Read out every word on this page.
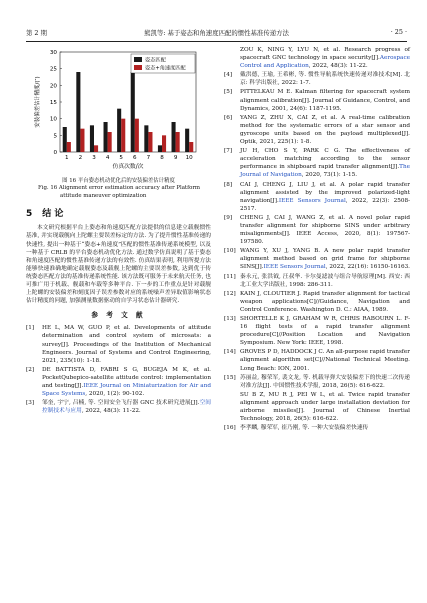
第 2 期	熊凯等: 基于姿态和角速度匹配的惯性基准传递方法	· 25 ·
0
5
10
15
20
25
30
1 2 3 4 5 6 7 8 9 10
仿真次数/次
安装偏差估计精度/(″)
姿态匹配
姿态+角速度匹配
图 16 平台姿态机动优化后的安装偏差估计精度
Fig. 16 Alignment error estimation accuracy after Platform attitude maneuver optimization
5 结 论

本文研究根据平台上姿态和角速度匹配方法提供的信息建立载舰惯性基准, 并实现载舰向上陀螺主要误差标定的方法. 为了提升惯性基准传递的快速性, 提出一种基于“姿态+角速度”匹配的惯性基准传递系统模型, 以及一种基于 CRLB 的平台姿态机动优化方法. 通过数学仿真说明了基于姿态和角速度匹配的惯性基准传递方法的有效性. 仿真结果表明, 利用所提方法能够快速准确地确定载舰姿态及载舰上陀螺的主要误差参数, 达到优于传统姿态匹配方法的基准传递系统性能. 该方法既可服务于未来航天任务, 也可推广用于机载、舰载和车载等多种平台. 下一步的工作重点是针对载舰上陀螺的安装偏差和刻度因子误差参数对应的系统噪声差异取值影响状态估计精度的问题, 加强测量数据驱动的自学习状态估计器研究.

参 考 文 献
[1]	HE L, MA W, GUO P, et al. Developments of attitude determination and control system of microsats: a survey[J]. Proceedings of the Institution of Mechanical Engineers. Journal of Systems and Control Engineering, 2021, 235(10): 1-18.
[2]	DE BATTISTA D, FABRI S G, BUGEJA M K, et al. PocketQubepico-satellite attitude control: implementation and testing[J].IEEE Journal on Miniaturization for Air and Space Systems, 2020, 1(2): 90-102.
[3]	邹奎, 宇宁, 吕楠, 等. 空间安全飞行器 GNC 技术研究进展[J].空间控制技术与应用, 2022, 48(3): 11-22.
ZOU K, NING Y, LYU N, et al. Research progress of spacecraft GNC technology in space security[J].Aerospace Control and Application, 2022, 48(3): 11-22.
[4]	戴洪德, 王瑜, 王希彬, 等. 惯性导航系统快速传递对准技术[M]. 北京: 科学出版社, 2022: 1-7.
[5]	PITTELKAU M E. Kalman filtering for spacecraft system alignment calibration[J]. Journal of Guidance, Control, and Dynamics, 2001, 24(6): 1187-1195.
[6]	YANG Z, ZHU X, CAI Z, et al. A real-time calibration method for the systematic errors of a star sensor and gyroscope units based on the payload multiplexed[J]. Optik, 2021, 225(1): 1-8.
[7]	JU H, CHO S Y, PARK C G. The effectiveness of acceleration matching according to the sensor performance in shipboard rapid transfer alignment[J].The Journal of Navigation, 2020, 73(1): 1-15.
[8]	CAI J, CHENG J, LIU J, et al. A polar rapid transfer alignment assisted by the improved polarized-light navigation[J].IEEE Sensors Journal, 2022, 22(3): 2508-2517.
[9]	CHENG J, CAI J, WANG Z, et al. A novel polar rapid transfer alignment for shipborne SINS under arbitrary misalignments[J]. IEEE Access, 2020, 8(1): 197567-197580.
[10] WANG Y, XU J, YANG B. A new polar rapid transfer alignment method based on grid frame for shipborne SINS[J].IEEE Sensors Journal, 2022, 22(16): 16150-16163.
[11] 秦永元, 张洪钺, 汪叔华. 卡尔曼滤波与组合导航原理[M]. 西安: 西北工业大学出版社, 1998: 286-311.
[12] KAIN J, CLOUTIER J. Rapid transfer alignment for tactical weapon applications[C]//Guidance, Navigation and Control Conference. Washington D. C.: AIAA, 1989.
[13] SHORTELLE K J, GRAHAM W R, CHRIS RABOURN L. F-16 flight tests of a rapid transfer alignment procedure[C]//Position Location and Navigation Symposium. New York: IEEE, 1998.
[14] GROVES P D, HADDOCK J C. An all-purpose rapid transfer alignment algorithm set[C]//National Technical Meeting. Long Beach: ION, 2001.
[15] 苏丽益, 穆荣军, 裴文龙, 等. 机载导弹大安装偏差下的快速二次传递对准方法[J]. 中国惯性技术学报, 2018, 26(5): 616-622.
SU B Z, MU R J, PEI W L, et al. Twice rapid transfer alignment approach under large installation deviation for airborne missiles[J]. Journal of Chinese Inertial Technology, 2018, 26(5): 616-622.
[16] 李孝麟, 穆荣军, 崔乃刚, 等. 一种大安装偏差快速传
